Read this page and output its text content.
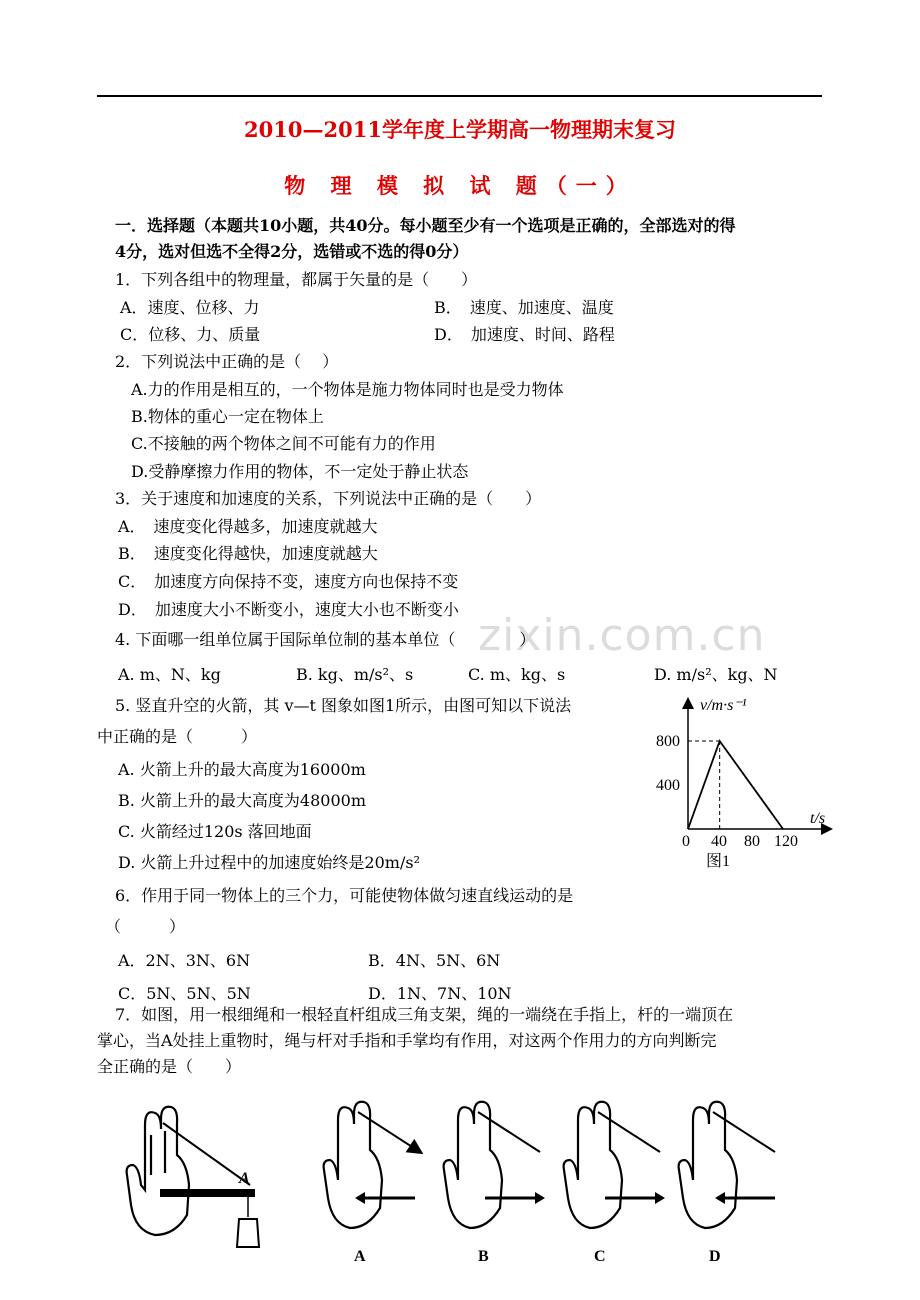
2010—2011学年度上学期高一物理期末复习
物 理 模 拟 试 题（一）
一．选择题（本题共10小题，共40分。每小题至少有一个选项是正确的，全部选对的得
4分，选对但选不全得2分，选错或不选的得0分）
1．下列各组中的物理量，都属于矢量的是（　　）
A．速度、位移、力	B．　速度、加速度、温度
C．位移、力、质量	D．　加速度、时间、路程
2．下列说法中正确的是（　 ）
A.力的作用是相互的，一个物体是施力物体同时也是受力物体
B.物体的重心一定在物体上
C.不接触的两个物体之间不可能有力的作用
D.受静摩擦力作用的物体，不一定处于静止状态
3．关于速度和加速度的关系，下列说法中正确的是（　　）
A．　速度变化得越多，加速度就越大
B．　速度变化得越快，加速度就越大
C．　加速度方向保持不变，速度方向也保持不变
D．　加速度大小不断变小，速度大小也不断变小
zixin.com.cn
4. 下面哪一组单位属于国际单位制的基本单位（　　　　）
A. m、N、kg	B. kg、m/s²、s	C. m、kg、s	D. m/s²、kg、N
5. 竖直升空的火箭，其 v—t 图象如图1所示，由图可知以下说法
中正确的是（　　　）
A. 火箭上升的最大高度为16000m
B. 火箭上升的最大高度为48000m
C. 火箭经过120s 落回地面
D. 火箭上升过程中的加速度始终是20m/s²
v/m·s⁻¹
t/s
800
400
0 40 80 120
图1
6．作用于同一物体上的三个力，可能使物体做匀速直线运动的是
（　　　）
A．2N、3N、6N	B．4N、5N、6N
C．5N、5N、5N	D．1N、7N、10N
7．如图，用一根细绳和一根轻直杆组成三角支架，绳的一端绕在手指上，杆的一端顶在
掌心，当A处挂上重物时，绳与杆对手指和手掌均有作用，对这两个作用力的方向判断完
全正确的是（　　）
A
A	B	C	D
